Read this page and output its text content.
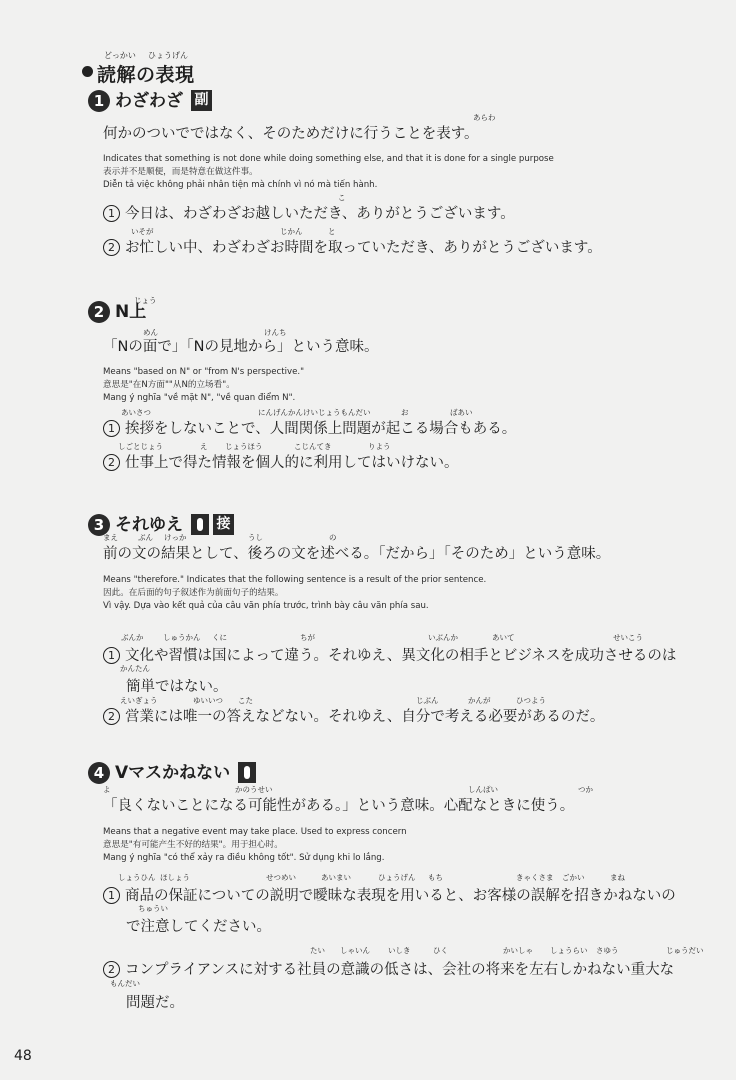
どっかい ひょうげん
読解の表現
1 わざわざ 副
あらわ
何かのついでではなく、そのためだけに行うことを表す。
Indicates that something is not done while doing something else, and that it is done for a single purpose
表示并不是顺便，而是特意在做这件事。
Diễn tả việc không phải nhân tiện mà chính vì nó mà tiến hành.
こ
1 今日は、わざわざお越しいただき、ありがとうございます。
いそが	じかん	と
2 お忙しい中、わざわざお時間を取っていただき、ありがとうございます。
じょう
2 N上
めん	けんち
「Nの面で」「Nの見地から」という意味。
Means "based on N" or "from N's perspective."
意思是"在N方面""从N的立场看"。
Mang ý nghĩa "về mặt N", "về quan điểm N".
あいさつ	にんげんかんけいじょうもんだい	お	ばあい
1 挨拶をしないことで、人間関係上問題が起こる場合もある。
しごとじょう	え じょうほう	こじんてき	りよう
2 仕事上で得た情報を個人的に利用してはいけない。
3 それゆえ 接
まえ	ぶん けっか	うし	の
前の文の結果として、後ろの文を述べる。「だから」「そのため」という意味。
Means "therefore." Indicates that the following sentence is a result of the prior sentence.
因此。在后面的句子叙述作为前面句子的结果。
Vì vậy. Dựa vào kết quả của câu văn phía trước, trình bày câu văn phía sau.
ぶんか	しゅうかん くに	ちが	いぶんか	あいて	せいこう
1 文化や習慣は国によって違う。それゆえ、異文化の相手とビジネスを成功させるのは
簡単ではない。
かんたん
えいぎょう	ゆいいつ こた	じぶん	かんが	ひつよう
2 営業には唯一の答えなどない。それゆえ、自分で考える必要があるのだ。
4 Vマスかねない
よ	かのうせい	しんぱい	つか
「良くないことになる可能性がある。」という意味。心配なときに使う。
Means that a negative event may take place. Used to express concern
意思是"有可能产生不好的结果"。用于担心时。
Mang ý nghĩa "có thể xảy ra điều không tốt". Sử dụng khi lo lắng.
しょうひん ほしょう	せつめい	あいまい	ひょうげん もち	きゃくさま ごかい	まね
1 商品の保証についての説明で曖昧な表現を用いると、お客様の誤解を招きかねないの
で注意してください。
ちゅうい
たい しゃいん いしき	ひく	かいしゃ しょうらい さゆう	じゅうだい
もんだい
2 コンプライアンスに対する社員の意識の低さは、会社の将来を左右しかねない重大な
問題だ。
48
